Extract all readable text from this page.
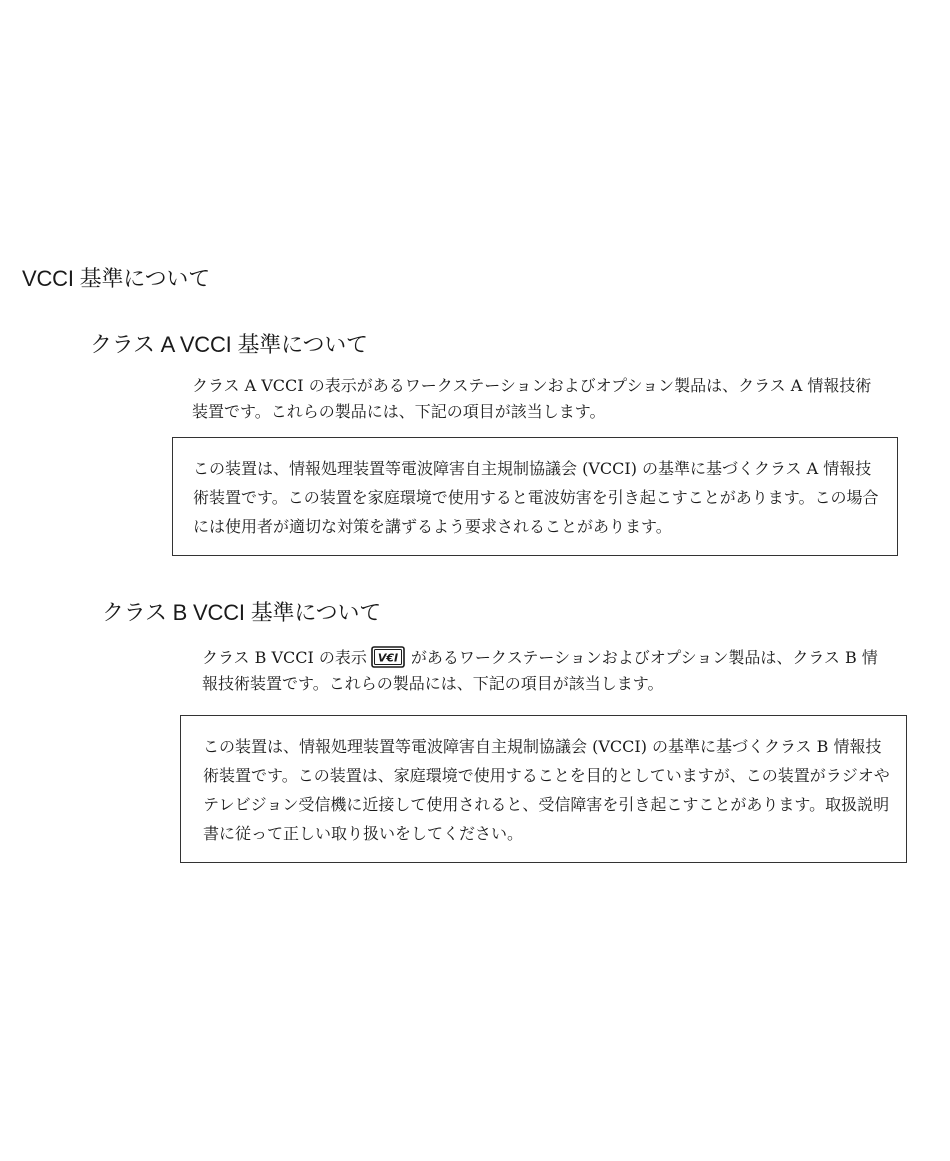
VCCI 基準について
クラス A VCCI 基準について

クラス A VCCI の表示があるワークステーションおよびオプション製品は、クラス A 情報技術装置です。これらの製品には、下記の項目が該当します。

この装置は、情報処理装置等電波障害自主規制協議会 (VCCI) の基準に基づくクラス A 情報技術装置です。この装置を家庭環境で使用すると電波妨害を引き起こすことがあります。この場合には使用者が適切な対策を講ずるよう要求されることがあります。

クラス B VCCI 基準について

クラス B VCCI の表示 V€I があるワークステーションおよびオプション製品は、クラス B 情報技術装置です。これらの製品には、下記の項目が該当します。

この装置は、情報処理装置等電波障害自主規制協議会 (VCCI) の基準に基づくクラス B 情報技術装置です。この装置は、家庭環境で使用することを目的としていますが、この装置がラジオやテレビジョン受信機に近接して使用されると、受信障害を引き起こすことがあります。取扱説明書に従って正しい取り扱いをしてください。
